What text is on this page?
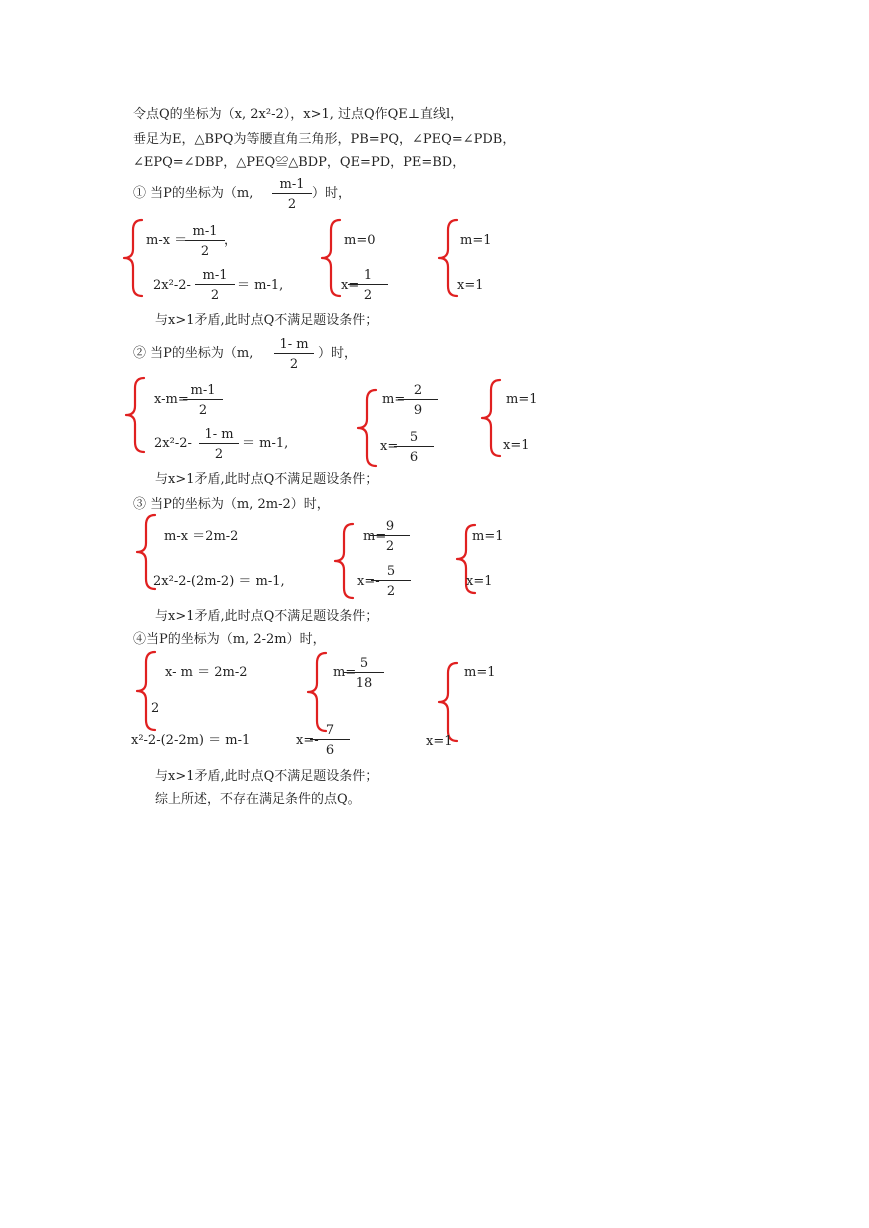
令点Q的坐标为（x, 2x²-2），x>1, 过点Q作QE⊥直线l，
垂足为E，△BPQ为等腰直角三角形，PB=PQ，∠PEQ=∠PDB，
∠EPQ=∠DBP，△PEQ≌△BDP，QE=PD，PE=BD，
① 当P的坐标为（m, $\frac{m-1}{2}$ ）时，
m-x ＝
$\frac{m-1}{2}$ ，
$2x^2-2- \frac{m-1}{2} = m-1$,
m=0
x=
$\frac{1}{2}$
m=1
x=1
与x>1矛盾,此时点Q不满足题设条件；
② 当P的坐标为（m, $\frac{1- m}{2}$ ）时，
x-m=
$\frac{m-1}{2}$
$2x^2-2- \frac{1- m}{2} = m-1$,
m=-
$\frac{2}{9}$
x=-
$\frac{5}{6}$
m=1
x=1
与x>1矛盾,此时点Q不满足题设条件；
③ 当P的坐标为（m, 2m-2）时，
m-x ＝2m-2
2x²-2-(2m-2) ＝ m-1,
m=
$\frac{9}{2}$
x=-
$\frac{5}{2}$
m=1
x=1
与x>1矛盾,此时点Q不满足题设条件；
④当P的坐标为（m, 2-2m）时，
x- m ＝ 2m-2
2
x²-2-(2-2m) ＝ m-1
m=
$\frac{5}{18}$
x=-
$\frac{7}{6}$
m=1
x=1
与x>1矛盾,此时点Q不满足题设条件；
综上所述，不存在满足条件的点Q。
